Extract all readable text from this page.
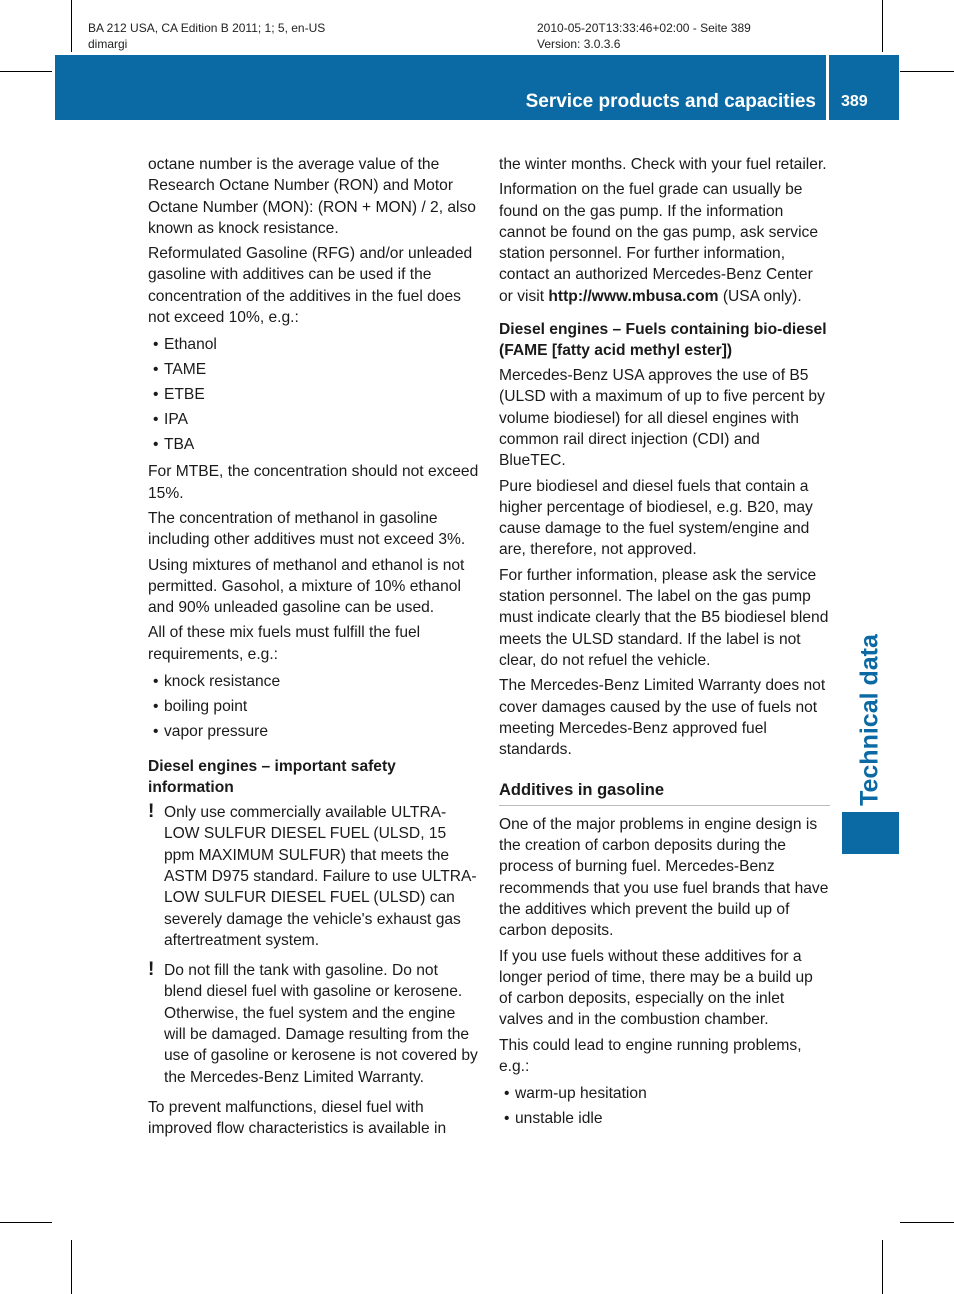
BA 212 USA, CA Edition B 2011; 1; 5, en-US
dimargi
2010-05-20T13:33:46+02:00 - Seite 389
Version: 3.0.3.6
Service products and capacities 389
Technical data

octane number is the average value of the Research Octane Number (RON) and Motor Octane Number (MON): (RON + MON) / 2, also known as knock resistance.

Reformulated Gasoline (RFG) and/or unleaded gasoline with additives can be used if the concentration of the additives in the fuel does not exceed 10%, e.g.:

• Ethanol
• TAME
• ETBE
• IPA
• TBA

For MTBE, the concentration should not exceed 15%.

The concentration of methanol in gasoline including other additives must not exceed 3%.

Using mixtures of methanol and ethanol is not permitted. Gasohol, a mixture of 10% ethanol and 90% unleaded gasoline can be used.

All of these mix fuels must fulfill the fuel requirements, e.g.:

• knock resistance
• boiling point
• vapor pressure
Diesel engines – important safety information
! Only use commercially available ULTRA-LOW SULFUR DIESEL FUEL (ULSD, 15 ppm MAXIMUM SULFUR) that meets the ASTM D975 standard. Failure to use ULTRA-LOW SULFUR DIESEL FUEL (ULSD) can severely damage the vehicle's exhaust gas aftertreatment system.
! Do not fill the tank with gasoline. Do not blend diesel fuel with gasoline or kerosene. Otherwise, the fuel system and the engine will be damaged. Damage resulting from the use of gasoline or kerosene is not covered by the Mercedes-Benz Limited Warranty.

To prevent malfunctions, diesel fuel with improved flow characteristics is available in

the winter months. Check with your fuel retailer.

Information on the fuel grade can usually be found on the gas pump. If the information cannot be found on the gas pump, ask service station personnel. For further information, contact an authorized Mercedes-Benz Center or visit http://www.mbusa.com (USA only).

Diesel engines – Fuels containing bio-diesel (FAME [fatty acid methyl ester])

Mercedes-Benz USA approves the use of B5 (ULSD with a maximum of up to five percent by volume biodiesel) for all diesel engines with common rail direct injection (CDI) and BlueTEC.

Pure biodiesel and diesel fuels that contain a higher percentage of biodiesel, e.g. B20, may cause damage to the fuel system/engine and are, therefore, not approved.

For further information, please ask the service station personnel. The label on the gas pump must indicate clearly that the B5 biodiesel blend meets the ULSD standard. If the label is not clear, do not refuel the vehicle.

The Mercedes-Benz Limited Warranty does not cover damages caused by the use of fuels not meeting Mercedes-Benz approved fuel standards.

Additives in gasoline

One of the major problems in engine design is the creation of carbon deposits during the process of burning fuel. Mercedes-Benz recommends that you use fuel brands that have the additives which prevent the build up of carbon deposits.

If you use fuels without these additives for a longer period of time, there may be a build up of carbon deposits, especially on the inlet valves and in the combustion chamber.

This could lead to engine running problems, e.g.:

• warm-up hesitation
• unstable idle
